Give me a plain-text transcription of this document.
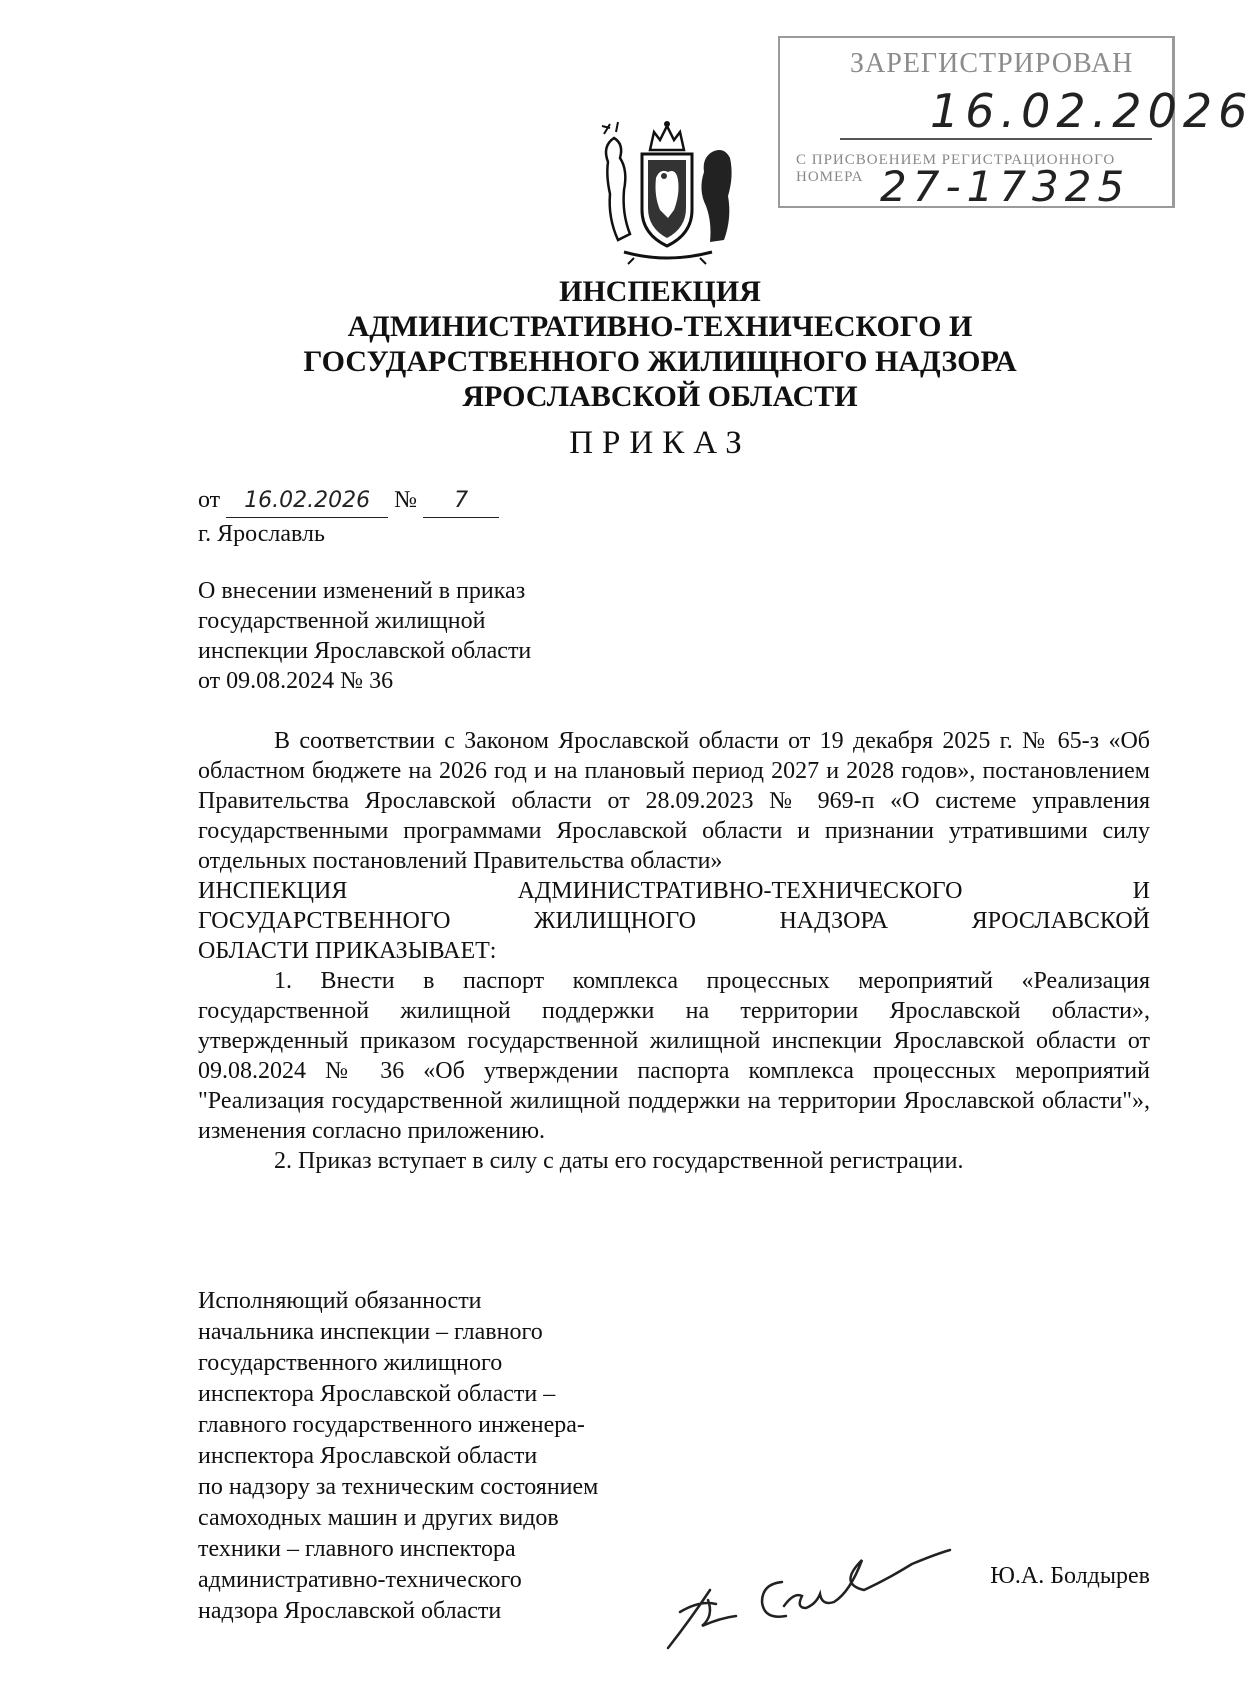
ЗАРЕГИСТРИРОВАН
16.02.2026
С ПРИСВОЕНИЕМ РЕГИСТРАЦИОННОГО НОМЕРА 27-17325
ИНСПЕКЦИЯ
АДМИНИСТРАТИВНО-ТЕХНИЧЕСКОГО И
ГОСУДАРСТВЕННОГО ЖИЛИЩНОГО НАДЗОРА
ЯРОСЛАВСКОЙ ОБЛАСТИ
ПРИКАЗ
от 16.02.2026 № 7
г. Ярославль
О внесении изменений в приказ
государственной жилищной
инспекции Ярославской области
от 09.08.2024 № 36

В соответствии с Законом Ярославской области от 19 декабря 2025 г. № 65-з «Об областном бюджете на 2026 год и на плановый период 2027 и 2028 годов», постановлением Правительства Ярославской области от 28.09.2023 № 969-п «О системе управления государственными программами Ярославской области и признании утратившими силу отдельных постановлений Правительства области»

ИНСПЕКЦИЯ АДМИНИСТРАТИВНО-ТЕХНИЧЕСКОГО И

ГОСУДАРСТВЕННОГО ЖИЛИЩНОГО НАДЗОРА ЯРОСЛАВСКОЙ

ОБЛАСТИ ПРИКАЗЫВАЕТ:

1. Внести в паспорт комплекса процессных мероприятий «Реализация государственной жилищной поддержки на территории Ярославской области», утвержденный приказом государственной жилищной инспекции Ярославской области от 09.08.2024 № 36 «Об утверждении паспорта комплекса процессных мероприятий "Реализация государственной жилищной поддержки на территории Ярославской области"», изменения согласно приложению.

2. Приказ вступает в силу с даты его государственной регистрации.

Исполняющий обязанности
начальника инспекции – главного
государственного жилищного
инспектора Ярославской области –
главного государственного инженера-
инспектора Ярославской области
по надзору за техническим состоянием
самоходных машин и других видов
техники – главного инспектора
административно-технического
надзора Ярославской области
Ю.А. Болдырев
